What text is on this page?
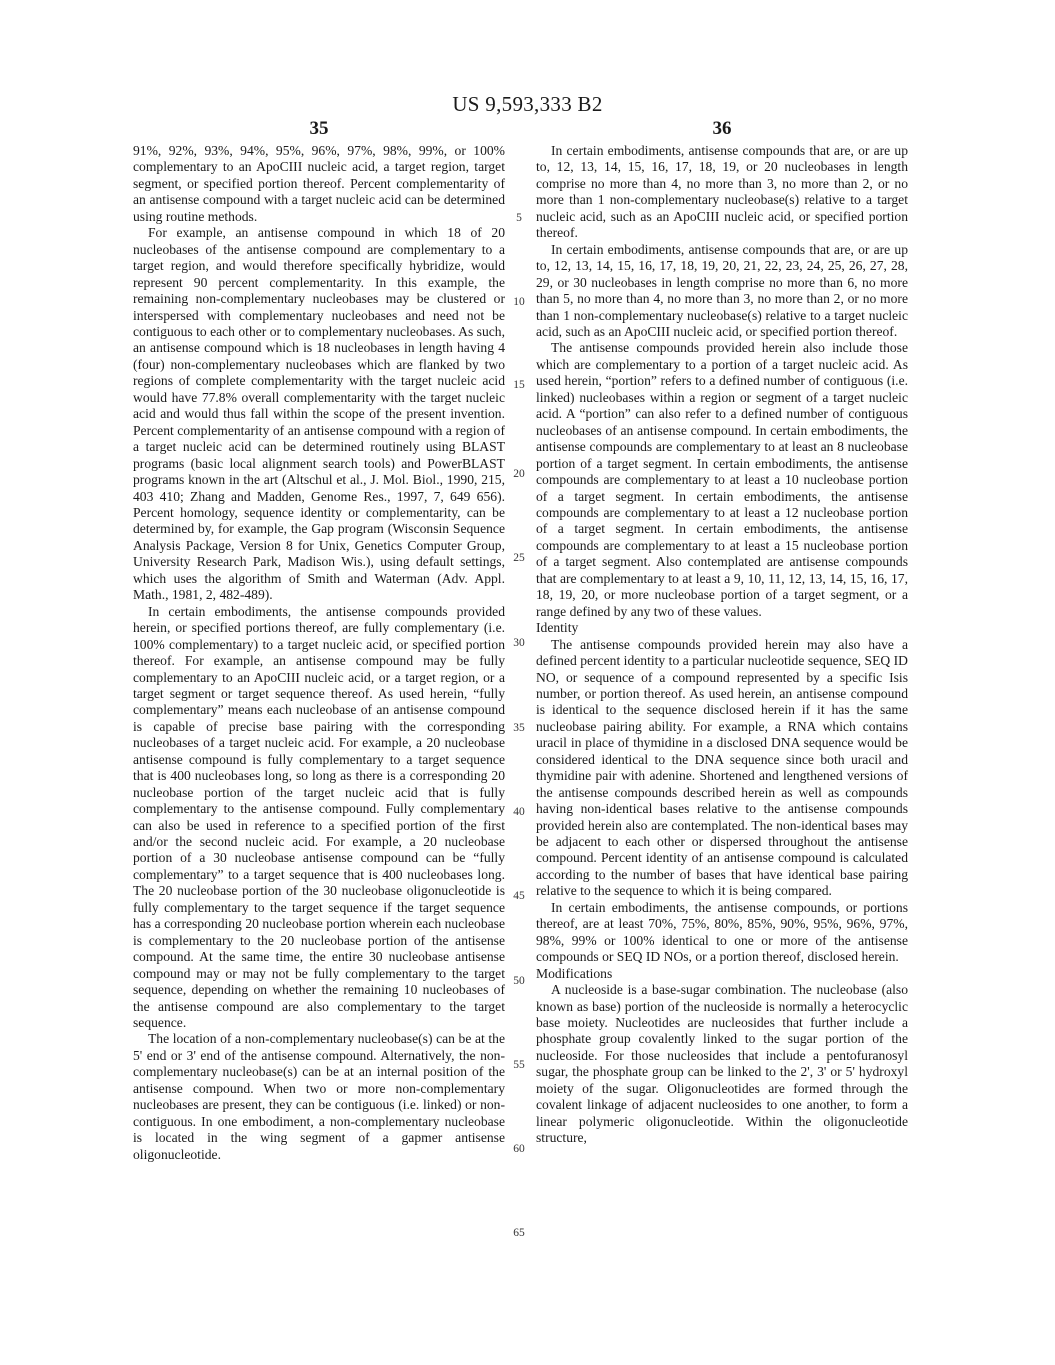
US 9,593,333 B2
35	36

91%, 92%, 93%, 94%, 95%, 96%, 97%, 98%, 99%, or 100% complementary to an ApoCIII nucleic acid, a target region, target segment, or specified portion thereof. Percent complementarity of an antisense compound with a target nucleic acid can be determined using routine methods.

For example, an antisense compound in which 18 of 20 nucleobases of the antisense compound are complementary to a target region, and would therefore specifically hybridize, would represent 90 percent complementarity. In this example, the remaining non-complementary nucleobases may be clustered or interspersed with complementary nucleobases and need not be contiguous to each other or to complementary nucleobases. As such, an antisense compound which is 18 nucleobases in length having 4 (four) non-complementary nucleobases which are flanked by two regions of complete complementarity with the target nucleic acid would have 77.8% overall complementarity with the target nucleic acid and would thus fall within the scope of the present invention. Percent complementarity of an antisense compound with a region of a target nucleic acid can be determined routinely using BLAST programs (basic local alignment search tools) and PowerBLAST programs known in the art (Altschul et al., J. Mol. Biol., 1990, 215, 403 410; Zhang and Madden, Genome Res., 1997, 7, 649 656). Percent homology, sequence identity or complementarity, can be determined by, for example, the Gap program (Wisconsin Sequence Analysis Package, Version 8 for Unix, Genetics Computer Group, University Research Park, Madison Wis.), using default settings, which uses the algorithm of Smith and Waterman (Adv. Appl. Math., 1981, 2, 482-489).

In certain embodiments, the antisense compounds provided herein, or specified portions thereof, are fully complementary (i.e. 100% complementary) to a target nucleic acid, or specified portion thereof. For example, an antisense compound may be fully complementary to an ApoCIII nucleic acid, or a target region, or a target segment or target sequence thereof. As used herein, “fully complementary” means each nucleobase of an antisense compound is capable of precise base pairing with the corresponding nucleobases of a target nucleic acid. For example, a 20 nucleobase antisense compound is fully complementary to a target sequence that is 400 nucleobases long, so long as there is a corresponding 20 nucleobase portion of the target nucleic acid that is fully complementary to the antisense compound. Fully complementary can also be used in reference to a specified portion of the first and/or the second nucleic acid. For example, a 20 nucleobase portion of a 30 nucleobase antisense compound can be “fully complementary” to a target sequence that is 400 nucleobases long. The 20 nucleobase portion of the 30 nucleobase oligonucleotide is fully complementary to the target sequence if the target sequence has a corresponding 20 nucleobase portion wherein each nucleobase is complementary to the 20 nucleobase portion of the antisense compound. At the same time, the entire 30 nucleobase antisense compound may or may not be fully complementary to the target sequence, depending on whether the remaining 10 nucleobases of the antisense compound are also complementary to the target sequence.

The location of a non-complementary nucleobase(s) can be at the 5' end or 3' end of the antisense compound. Alternatively, the non-complementary nucleobase(s) can be at an internal position of the antisense compound. When two or more non-complementary nucleobases are present, they can be contiguous (i.e. linked) or non-contiguous. In one embodiment, a non-complementary nucleobase is located in the wing segment of a gapmer antisense oligonucleotide.

In certain embodiments, antisense compounds that are, or are up to, 12, 13, 14, 15, 16, 17, 18, 19, or 20 nucleobases in length comprise no more than 4, no more than 3, no more than 2, or no more than 1 non-complementary nucleobase(s) relative to a target nucleic acid, such as an ApoCIII nucleic acid, or specified portion thereof.

In certain embodiments, antisense compounds that are, or are up to, 12, 13, 14, 15, 16, 17, 18, 19, 20, 21, 22, 23, 24, 25, 26, 27, 28, 29, or 30 nucleobases in length comprise no more than 6, no more than 5, no more than 4, no more than 3, no more than 2, or no more than 1 non-complementary nucleobase(s) relative to a target nucleic acid, such as an ApoCIII nucleic acid, or specified portion thereof.

The antisense compounds provided herein also include those which are complementary to a portion of a target nucleic acid. As used herein, “portion” refers to a defined number of contiguous (i.e. linked) nucleobases within a region or segment of a target nucleic acid. A “portion” can also refer to a defined number of contiguous nucleobases of an antisense compound. In certain embodiments, the antisense compounds are complementary to at least an 8 nucleobase portion of a target segment. In certain embodiments, the antisense compounds are complementary to at least a 10 nucleobase portion of a target segment. In certain embodiments, the antisense compounds are complementary to at least a 12 nucleobase portion of a target segment. In certain embodiments, the antisense compounds are complementary to at least a 15 nucleobase portion of a target segment. Also contemplated are antisense compounds that are complementary to at least a 9, 10, 11, 12, 13, 14, 15, 16, 17, 18, 19, 20, or more nucleobase portion of a target segment, or a range defined by any two of these values.

Identity

The antisense compounds provided herein may also have a defined percent identity to a particular nucleotide sequence, SEQ ID NO, or sequence of a compound represented by a specific Isis number, or portion thereof. As used herein, an antisense compound is identical to the sequence disclosed herein if it has the same nucleobase pairing ability. For example, a RNA which contains uracil in place of thymidine in a disclosed DNA sequence would be considered identical to the DNA sequence since both uracil and thymidine pair with adenine. Shortened and lengthened versions of the antisense compounds described herein as well as compounds having non-identical bases relative to the antisense compounds provided herein also are contemplated. The non-identical bases may be adjacent to each other or dispersed throughout the antisense compound. Percent identity of an antisense compound is calculated according to the number of bases that have identical base pairing relative to the sequence to which it is being compared.

In certain embodiments, the antisense compounds, or portions thereof, are at least 70%, 75%, 80%, 85%, 90%, 95%, 96%, 97%, 98%, 99% or 100% identical to one or more of the antisense compounds or SEQ ID NOs, or a portion thereof, disclosed herein.

Modifications

A nucleoside is a base-sugar combination. The nucleobase (also known as base) portion of the nucleoside is normally a heterocyclic base moiety. Nucleotides are nucleosides that further include a phosphate group covalently linked to the sugar portion of the nucleoside. For those nucleosides that include a pentofuranosyl sugar, the phosphate group can be linked to the 2', 3' or 5' hydroxyl moiety of the sugar. Oligonucleotides are formed through the covalent linkage of adjacent nucleosides to one another, to form a linear polymeric oligonucleotide. Within the oligonucleotide structure,

5
10
15
20
25
30
35
40
45
50
55
60
65
